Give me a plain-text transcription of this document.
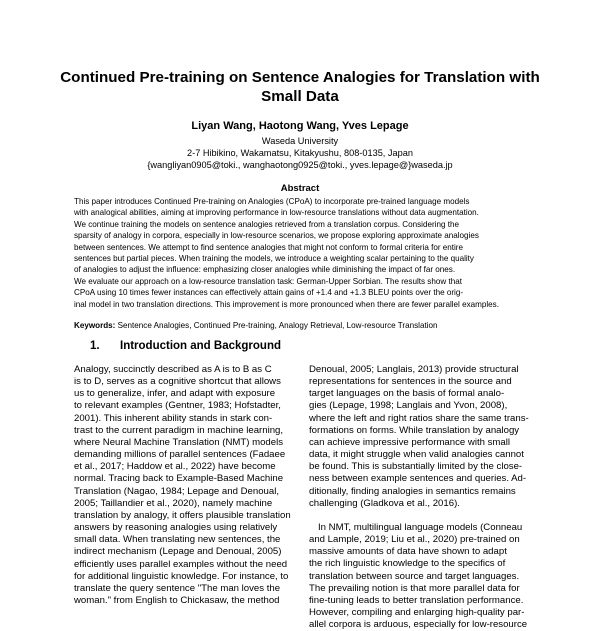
Continued Pre-training on Sentence Analogies for Translation with
Small Data
Liyan Wang, Haotong Wang, Yves Lepage
Waseda University
2-7 Hibikino, Wakamatsu, Kitakyushu, 808-0135, Japan
{wangliyan0905@toki., wanghaotong0925@toki., yves.lepage@}waseda.jp
Abstract

This paper introduces Continued Pre-training on Analogies (CPoA) to incorporate pre-trained language models

with analogical abilities, aiming at improving performance in low-resource translations without data augmentation.

We continue training the models on sentence analogies retrieved from a translation corpus. Considering the

sparsity of analogy in corpora, especially in low-resource scenarios, we propose exploring approximate analogies

between sentences. We attempt to find sentence analogies that might not conform to formal criteria for entire

sentences but partial pieces. When training the models, we introduce a weighting scalar pertaining to the quality

of analogies to adjust the influence: emphasizing closer analogies while diminishing the impact of far ones.

We evaluate our approach on a low-resource translation task: German-Upper Sorbian. The results show that

CPoA using 10 times fewer instances can effectively attain gains of +1.4 and +1.3 BLEU points over the orig-

inal model in two translation directions. This improvement is more pronounced when there are fewer parallel examples.

Keywords: Sentence Analogies, Continued Pre-training, Analogy Retrieval, Low-resource Translation
1. Introduction and Background

Analogy, succinctly described as A is to B as C

is to D, serves as a cognitive shortcut that allows

us to generalize, infer, and adapt with exposure

to relevant examples (Gentner, 1983; Hofstadter,

2001). This inherent ability stands in stark con-

trast to the current paradigm in machine learning,

where Neural Machine Translation (NMT) models

demanding millions of parallel sentences (Fadaee

et al., 2017; Haddow et al., 2022) have become

normal. Tracing back to Example-Based Machine

Translation (Nagao, 1984; Lepage and Denoual,

2005; Taillandier et al., 2020), namely machine

translation by analogy, it offers plausible translation

answers by reasoning analogies using relatively

small data. When translating new sentences, the

indirect mechanism (Lepage and Denoual, 2005)

efficiently uses parallel examples without the need

for additional linguistic knowledge. For instance, to

translate the query sentence "The man loves the

woman." from English to Chickasaw, the method

Denoual, 2005; Langlais, 2013) provide structural

representations for sentences in the source and

target languages on the basis of formal analo-

gies (Lepage, 1998; Langlais and Yvon, 2008),

where the left and right ratios share the same trans-

formations on forms. While translation by analogy

can achieve impressive performance with small

data, it might struggle when valid analogies cannot

be found. This is substantially limited by the close-

ness between example sentences and queries. Ad-

ditionally, finding analogies in semantics remains

challenging (Gladkova et al., 2016).

In NMT, multilingual language models (Conneau

and Lample, 2019; Liu et al., 2020) pre-trained on

massive amounts of data have shown to adapt

the rich linguistic knowledge to the specifics of

translation between source and target languages.

The prevailing notion is that more parallel data for

fine-tuning leads to better translation performance.

However, compiling and enlarging high-quality par-

allel corpora is arduous, especially for low-resource
